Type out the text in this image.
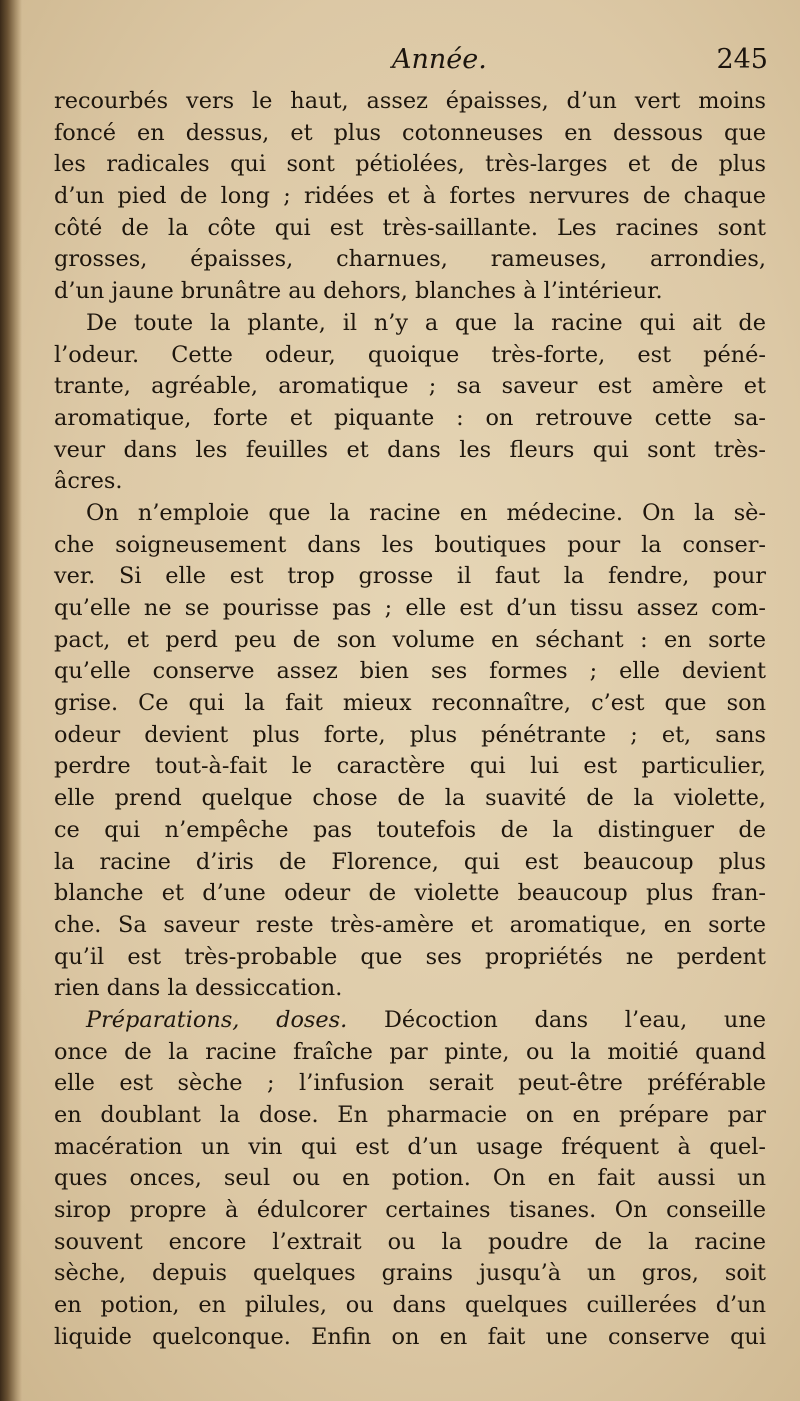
Année.	245
recourbés vers le haut, assez épaisses, d’un vert moins
foncé en dessus, et plus cotonneuses en dessous que
les radicales qui sont pétiolées, très-larges et de plus
d’un pied de long ; ridées et à fortes nervures de chaque
côté de la côte qui est très-saillante. Les racines sont
grosses, épaisses, charnues, rameuses, arrondies,
d’un jaune brunâtre au dehors, blanches à l’intérieur.
De toute la plante, il n’y a que la racine qui ait de
l’odeur. Cette odeur, quoique très-forte, est péné-
trante, agréable, aromatique ; sa saveur est amère et
aromatique, forte et piquante : on retrouve cette sa-
veur dans les feuilles et dans les fleurs qui sont très-
âcres.
On n’emploie que la racine en médecine. On la sè-
che soigneusement dans les boutiques pour la conser-
ver. Si elle est trop grosse il faut la fendre, pour
qu’elle ne se pourisse pas ; elle est d’un tissu assez com-
pact, et perd peu de son volume en séchant : en sorte
qu’elle conserve assez bien ses formes ; elle devient
grise. Ce qui la fait mieux reconnaître, c’est que son
odeur devient plus forte, plus pénétrante ; et, sans
perdre tout-à-fait le caractère qui lui est particulier,
elle prend quelque chose de la suavité de la violette,
ce qui n’empêche pas toutefois de la distinguer de
la racine d’iris de Florence, qui est beaucoup plus
blanche et d’une odeur de violette beaucoup plus fran-
che. Sa saveur reste très-amère et aromatique, en sorte
qu’il est très-probable que ses propriétés ne perdent
rien dans la dessiccation.
Préparations, doses. Décoction dans l’eau, une
once de la racine fraîche par pinte, ou la moitié quand
elle est sèche ; l’infusion serait peut-être préférable
en doublant la dose. En pharmacie on en prépare par
macération un vin qui est d’un usage fréquent à quel-
ques onces, seul ou en potion. On en fait aussi un
sirop propre à édulcorer certaines tisanes. On conseille
souvent encore l’extrait ou la poudre de la racine
sèche, depuis quelques grains jusqu’à un gros, soit
en potion, en pilules, ou dans quelques cuillerées d’un
liquide quelconque. Enfin on en fait une conserve qui
